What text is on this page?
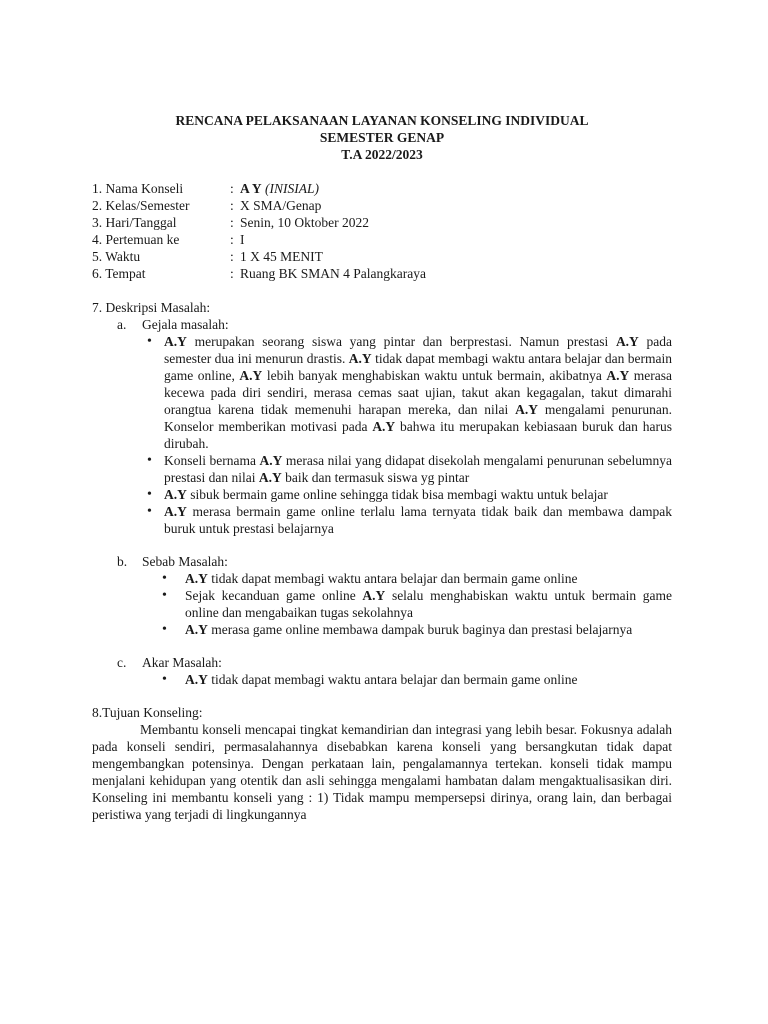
RENCANA PELAKSANAAN LAYANAN KONSELING INDIVIDUAL
SEMESTER GENAP
T.A 2022/2023
1. Nama Konseli	: A Y (INISIAL)
2. Kelas/Semester	: X SMA/Genap
3. Hari/Tanggal	: Senin, 10 Oktober 2022
4. Pertemuan ke	: I
5. Waktu	: 1 X 45 MENIT
6. Tempat	: Ruang BK SMAN 4 Palangkaraya
7. Deskripsi Masalah:
a.	Gejala masalah:
• A.Y merupakan seorang siswa yang pintar dan berprestasi. Namun prestasi A.Y pada semester dua ini menurun drastis. A.Y tidak dapat membagi waktu antara belajar dan bermain game online, A.Y lebih banyak menghabiskan waktu untuk bermain, akibatnya A.Y merasa kecewa pada diri sendiri, merasa cemas saat ujian, takut akan kegagalan, takut dimarahi orangtua karena tidak memenuhi harapan mereka, dan nilai A.Y mengalami penurunan. Konselor memberikan motivasi pada A.Y bahwa itu merupakan kebiasaan buruk dan harus dirubah.
• Konseli bernama A.Y merasa nilai yang didapat disekolah mengalami penurunan sebelumnya prestasi dan nilai A.Y baik dan termasuk siswa yg pintar
• A.Y sibuk bermain game online sehingga tidak bisa membagi waktu untuk belajar
• A.Y merasa bermain game online terlalu lama ternyata tidak baik dan membawa dampak buruk untuk prestasi belajarnya
b.	Sebab Masalah:
• A.Y tidak dapat membagi waktu antara belajar dan bermain game online
• Sejak kecanduan game online A.Y selalu menghabiskan waktu untuk bermain game online dan mengabaikan tugas sekolahnya
• A.Y merasa game online membawa dampak buruk baginya dan prestasi belajarnya
c.	Akar Masalah:
• A.Y tidak dapat membagi waktu antara belajar dan bermain game online
8.Tujuan Konseling:
Membantu konseli mencapai tingkat kemandirian dan integrasi yang lebih besar. Fokusnya adalah pada konseli sendiri, permasalahannya disebabkan karena konseli yang bersangkutan tidak dapat mengembangkan potensinya. Dengan perkataan lain, pengalamannya tertekan. konseli tidak mampu menjalani kehidupan yang otentik dan asli sehingga mengalami hambatan dalam mengaktualisasikan diri. Konseling ini membantu konseli yang : 1) Tidak mampu mempersepsi dirinya, orang lain, dan berbagai peristiwa yang terjadi di lingkungannya
